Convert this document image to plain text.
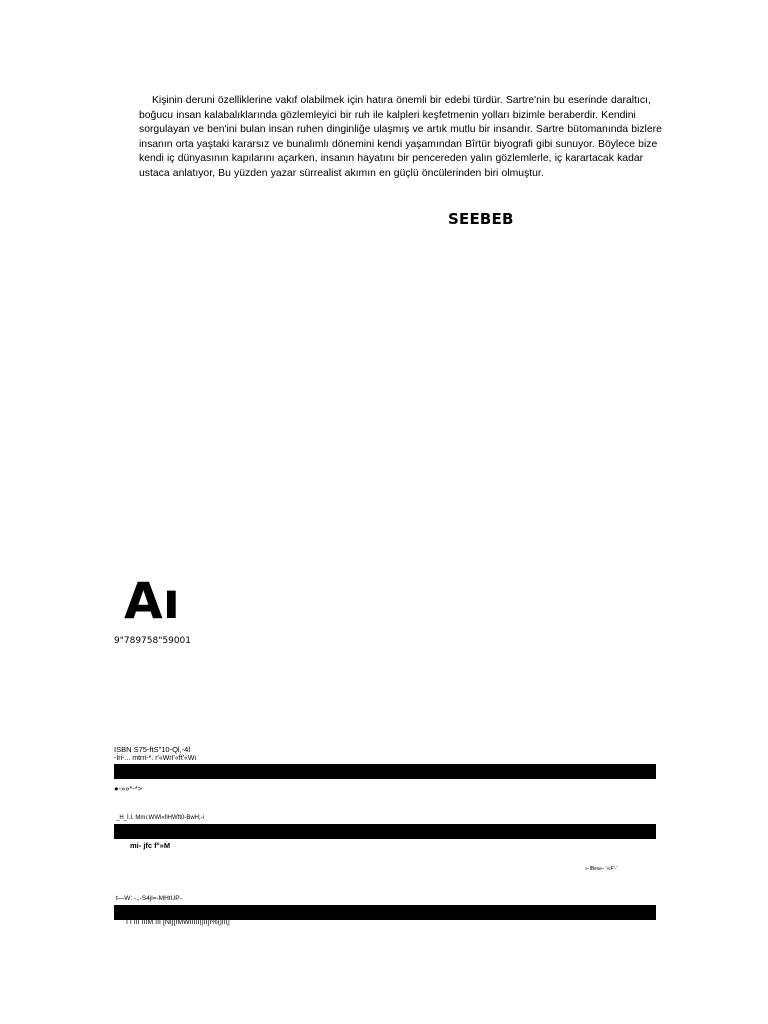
Kişinin deruni özelliklerine vakıf olabilmek için hatıra önemli bir edebi türdür. Sartre'nin bu eserinde daraltıcı, boğucu insan kalabalıklarında gözlemleyici bir ruh ile kalpleri keşfetmenin yolları bizimle beraberdir. Kendini sorgulayan ve ben'ini bulan insan ruhen dinginliğe ulaşmış ve artık mutlu bir insandır. Sartre bütomanında bizlere insanın orta yaştaki kararsız ve bunalımlı dönemini kendi yaşamından Bîrtür biyografi gibi sunuyor. Böylece bize kendi iç dünyasının kapılarını açarken, insanın hayatını bir pencereden yalın gözlemlerle, iç karartacak kadar ustaca anlatıyor, Bu yüzden yazar sürrealist akımın en güçlü öncülerinden biri olmuştur.

SEEBEB
Aı
9"789758"59001
ISBN S75-ftS"10-Ql,-4l
-İri-... mtrri-*. r'«WrI'«ft'«Wı
●-»»*-*>
_H_İ.I. Mmı:WWl«fiHWft0-BwH;-i
mi- jfc f°»M
»-İBea»- '»ıF'-'
t—W: -,,-S4jl=-MHtUP-
I I III IIıM III [Ni][IMWıIIII(|II]I%(|II(|
